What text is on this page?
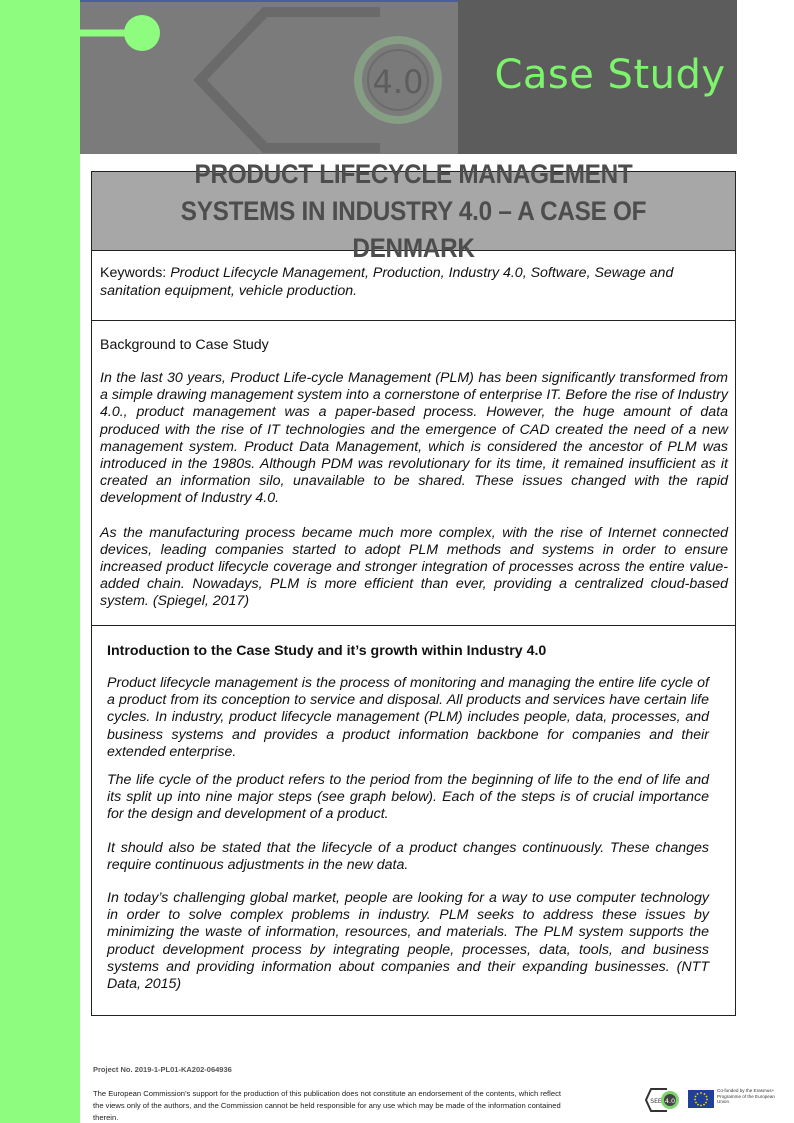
4.0 Case Study
PRODUCT LIFECYCLE MANAGEMENT SYSTEMS IN INDUSTRY 4.0 – A CASE OF DENMARK
Keywords: Product Lifecycle Management, Production, Industry 4.0, Software, Sewage and sanitation equipment, vehicle production.
Background to Case Study

In the last 30 years, Product Life-cycle Management (PLM) has been significantly transformed from a simple drawing management system into a cornerstone of enterprise IT. Before the rise of Industry 4.0., product management was a paper-based process. However, the huge amount of data produced with the rise of IT technologies and the emergence of CAD created the need of a new management system. Product Data Management, which is considered the ancestor of PLM was introduced in the 1980s. Although PDM was revolutionary for its time, it remained insufficient as it created an information silo, unavailable to be shared. These issues changed with the rapid development of Industry 4.0.

As the manufacturing process became much more complex, with the rise of Internet connected devices, leading companies started to adopt PLM methods and systems in order to ensure increased product lifecycle coverage and stronger integration of processes across the entire value-added chain. Nowadays, PLM is more efficient than ever, providing a centralized cloud-based system. (Spiegel, 2017)

Introduction to the Case Study and it’s growth within Industry 4.0

Product lifecycle management is the process of monitoring and managing the entire life cycle of a product from its conception to service and disposal. All products and services have certain life cycles. In industry, product lifecycle management (PLM) includes people, data, processes, and business systems and provides a product information backbone for companies and their extended enterprise.

The life cycle of the product refers to the period from the beginning of life to the end of life and its split up into nine major steps (see graph below). Each of the steps is of crucial importance for the design and development of a product.

It should also be stated that the lifecycle of a product changes continuously. These changes require continuous adjustments in the new data.

In today’s challenging global market, people are looking for a way to use computer technology in order to solve complex problems in industry. PLM seeks to address these issues by minimizing the waste of information, resources, and materials. The PLM system supports the product development process by integrating people, processes, data, tools, and business systems and providing information about companies and their expanding businesses. (NTT Data, 2015)

Project No. 2019-1-PL01-KA202-064936
The European Commission’s support for the production of this publication does not constitute an endorsement of the contents, which reflect the views only of the authors, and the Commission cannot be held responsible for any use which may be made of the information contained therein.
4.0
SEE
Co-funded by the Erasmus+ Programme of the European Union
